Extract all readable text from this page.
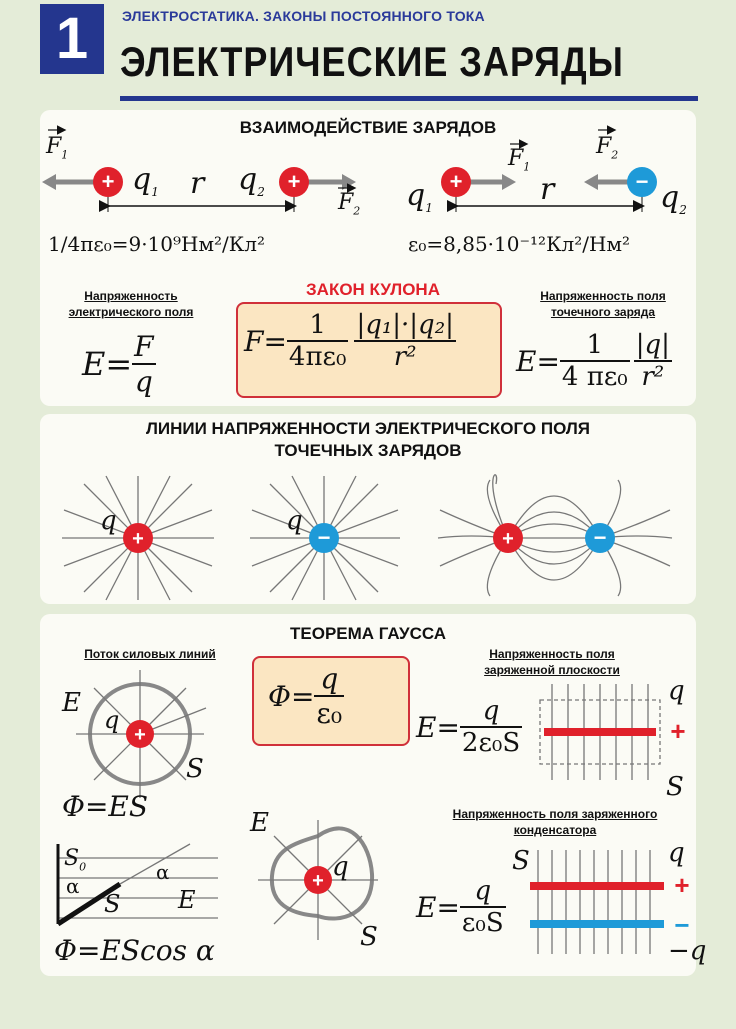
1	ЭЛЕКТРОСТАТИКА. ЗАКОНЫ ПОСТОЯННОГО ТОКА
ЭЛЕКТРИЧЕСКИЕ ЗАРЯДЫ
ВЗАИМОДЕЙСТВИЕ ЗАРЯДОВ
+	+	+	−
$F_1$
$q_1$ r $q_2$	$F_2$ $q_1$
$F_1$
r
$F_2$
$q_2$
1/4πε₀=9·10⁹Нм²/Кл²	ε₀=8,85·10⁻¹²Кл²/Нм²
Напряженность электрического поля
ЗАКОН КУЛОНА	Напряженность поля точечного заряда
$E = \frac{F}{q}$	$F = \frac{1}{\text{4πε₀}} \frac{\text{|q₁|·|q₂|}}{\text{r²}}$ $E = \frac{1}{\text{4 πε₀}} \frac{|q|}{\text{r²}}$
ЛИНИИ НАПРЯЖЕННОСТИ ЭЛЕКТРИЧЕСКОГО ПОЛЯ ТОЧЕЧНЫХ ЗАРЯДОВ
+	−	+	−
q	q
ТЕОРЕМА ГАУССА
Поток силовых линий	Напряженность поля заряженной плоскости
Напряженность поля заряженного конденсатора
+
+
−
+
+
E
q
S
Φ=ES
$S_0$
α
α
S E
Φ=EScos α
$\Phi= \frac{q}{\text{ε₀}}$
E
q
S
$E = \frac{q}{\text{2ε₀S}}$
q
S
$E = \frac{q}{\text{ε₀S}}$
S	q
−q
